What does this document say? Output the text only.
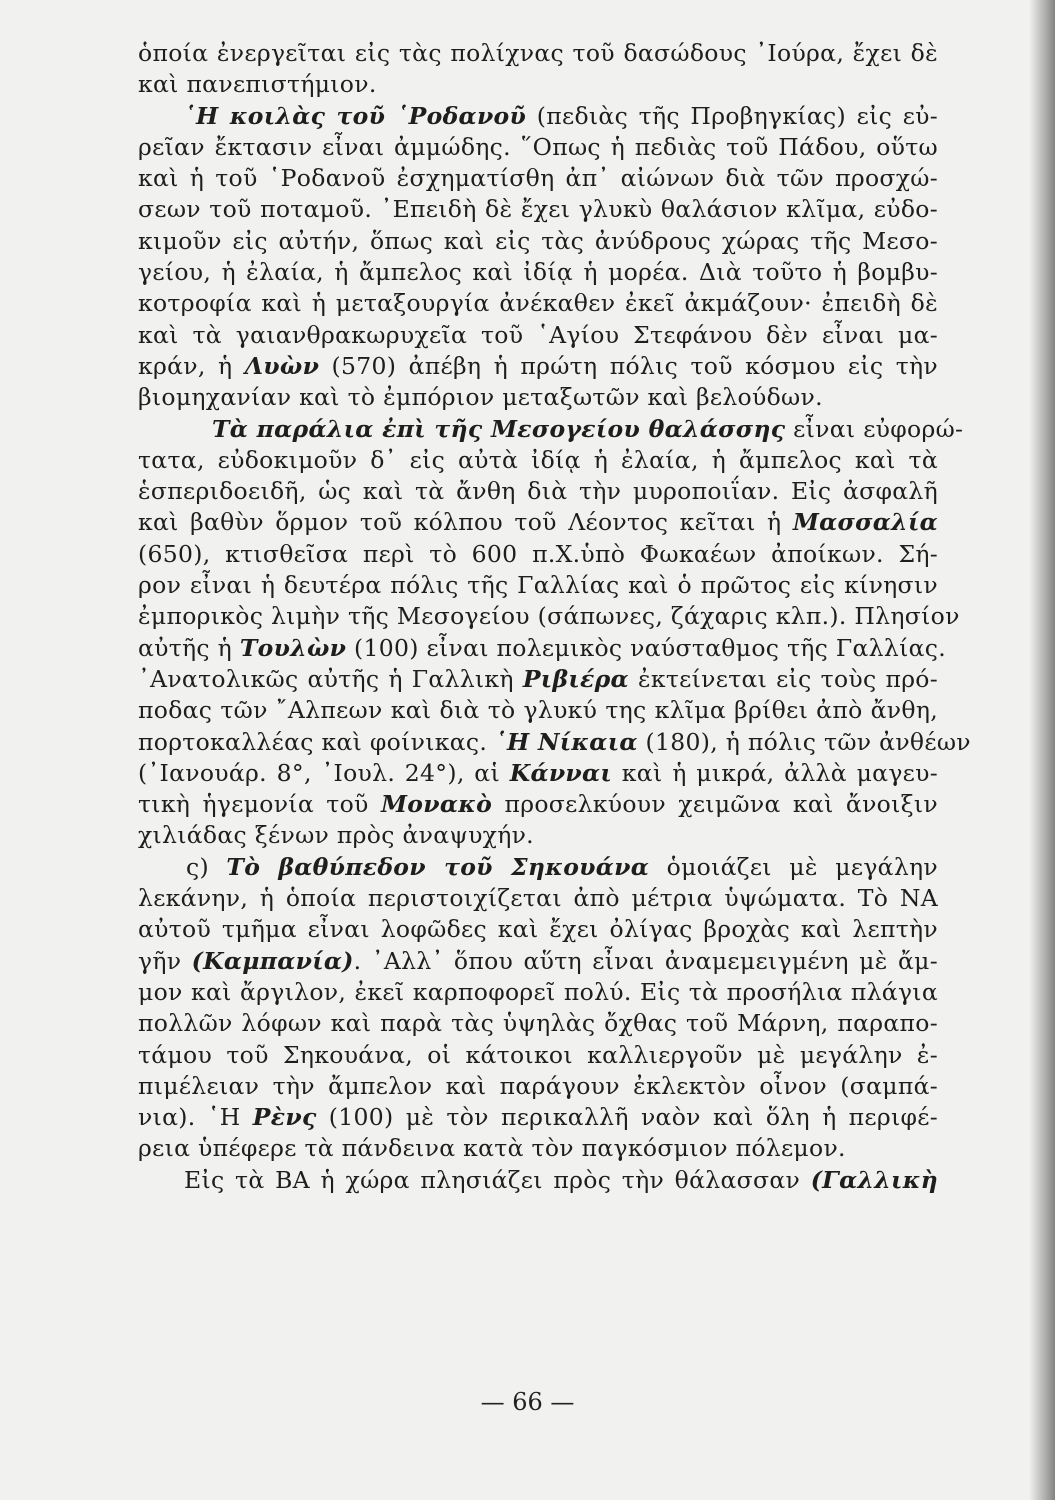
ὁποία ἐνεργεῖται εἰς τὰς πολίχνας τοῦ δασώδους ᾿Ιούρα, ἔχει δὲ
καὶ πανεπιστήμιον.
῾Η κοιλὰς τοῦ ῾Ροδανοῦ (πεδιὰς τῆς Προβηγκίας) εἰς εὐ-
ρεῖαν ἔκτασιν εἶναι ἀμμώδης. ῞Οπως ἡ πεδιὰς τοῦ Πάδου, οὕτω
καὶ ἡ τοῦ ῾Ροδανοῦ ἐσχηματίσθη ἀπ᾽ αἰώνων διὰ τῶν προσχώ-
σεων τοῦ ποταμοῦ. ᾿Επειδὴ δὲ ἔχει γλυκὺ θαλάσιον κλῖμα, εὐδο-
κιμοῦν εἰς αὐτήν, ὅπως καὶ εἰς τὰς ἀνύδρους χώρας τῆς Μεσο-
γείου, ἡ ἐλαία, ἡ ἄμπελος καὶ ἰδίᾳ ἡ μορέα. Διὰ τοῦτο ἡ βομβυ-
κοτροφία καὶ ἡ μεταξουργία ἀνέκαθεν ἐκεῖ ἀκμάζουν· ἐπειδὴ δὲ
καὶ τὰ γαιανθρακωρυχεῖα τοῦ ῾Αγίου Στεφάνου δὲν εἶναι μα-
κράν, ἡ Λυὼν (570) ἀπέβη ἡ πρώτη πόλις τοῦ κόσμου εἰς τὴν
βιομηχανίαν καὶ τὸ ἐμπόριον μεταξωτῶν καὶ βελούδων.
Τὰ παράλια ἐπὶ τῆς Μεσογείου θαλάσσης εἶναι εὐφορώ-
τατα, εὐδοκιμοῦν δ᾽ εἰς αὐτὰ ἰδίᾳ ἡ ἐλαία, ἡ ἄμπελος καὶ τὰ
ἑσπεριδοειδῆ, ὡς καὶ τὰ ἄνθη διὰ τὴν μυροποιΐαν. Εἰς ἀσφαλῆ
καὶ βαθὺν ὅρμον τοῦ κόλπου τοῦ Λέοντος κεῖται ἡ Μασσαλία
(650), κτισθεῖσα περὶ τὸ 600 π.Χ.ὑπὸ Φωκαέων ἀποίκων. Σή-
ρον εἶναι ἡ δευτέρα πόλις τῆς Γαλλίας καὶ ὁ πρῶτος εἰς κίνησιν
ἐμπορικὸς λιμὴν τῆς Μεσογείου (σάπωνες, ζάχαρις κλπ.). Πλησίον
αὐτῆς ἡ Τουλὼν (100) εἶναι πολεμικὸς ναύσταθμος τῆς Γαλλίας.
᾿Ανατολικῶς αὐτῆς ἡ Γαλλικὴ Ριβιέρα ἐκτείνεται εἰς τοὺς πρό-
ποδας τῶν ῎Αλπεων καὶ διὰ τὸ γλυκύ της κλῖμα βρίθει ἀπὸ ἄνθη,
πορτοκαλλέας καὶ φοίνικας. ῾Η Νίκαια (180), ἡ πόλις τῶν ἀνθέων
(᾿Ιανουάρ. 8°, ᾿Ιουλ. 24°), αἱ Κάνναι καὶ ἡ μικρά, ἀλλὰ μαγευ-
τικὴ ἡγεμονία τοῦ Μονακὸ προσελκύουν χειμῶνα καὶ ἄνοιξιν
χιλιάδας ξένων πρὸς ἀναψυχήν.
ς) Τὸ βαθύπεδον τοῦ Σηκουάνα ὁμοιάζει μὲ μεγάλην
λεκάνην, ἡ ὁποία περιστοιχίζεται ἀπὸ μέτρια ὑψώματα. Τὸ ΝΑ
αὐτοῦ τμῆμα εἶναι λοφῶδες καὶ ἔχει ὀλίγας βροχὰς καὶ λεπτὴν
γῆν (Καμπανία). ᾿Αλλ᾽ ὅπου αὕτη εἶναι ἀναμεμειγμένη μὲ ἄμ-
μον καὶ ἄργιλον, ἐκεῖ καρποφορεῖ πολύ. Εἰς τὰ προσήλια πλάγια
πολλῶν λόφων καὶ παρὰ τὰς ὑψηλὰς ὄχθας τοῦ Μάρνη, παραπο-
τάμου τοῦ Σηκουάνα, οἱ κάτοικοι καλλιεργοῦν μὲ μεγάλην ἐ-
πιμέλειαν τὴν ἄμπελον καὶ παράγουν ἐκλεκτὸν οἶνον (σαμπά-
νια). ῾Η Ρὲνς (100) μὲ τὸν περικαλλῆ ναὸν καὶ ὅλη ἡ περιφέ-
ρεια ὑπέφερε τὰ πάνδεινα κατὰ τὸν παγκόσμιον πόλεμον.
Εἰς τὰ ΒΑ ἡ χώρα πλησιάζει πρὸς τὴν θάλασσαν (Γαλλικὴ
— 66 —
